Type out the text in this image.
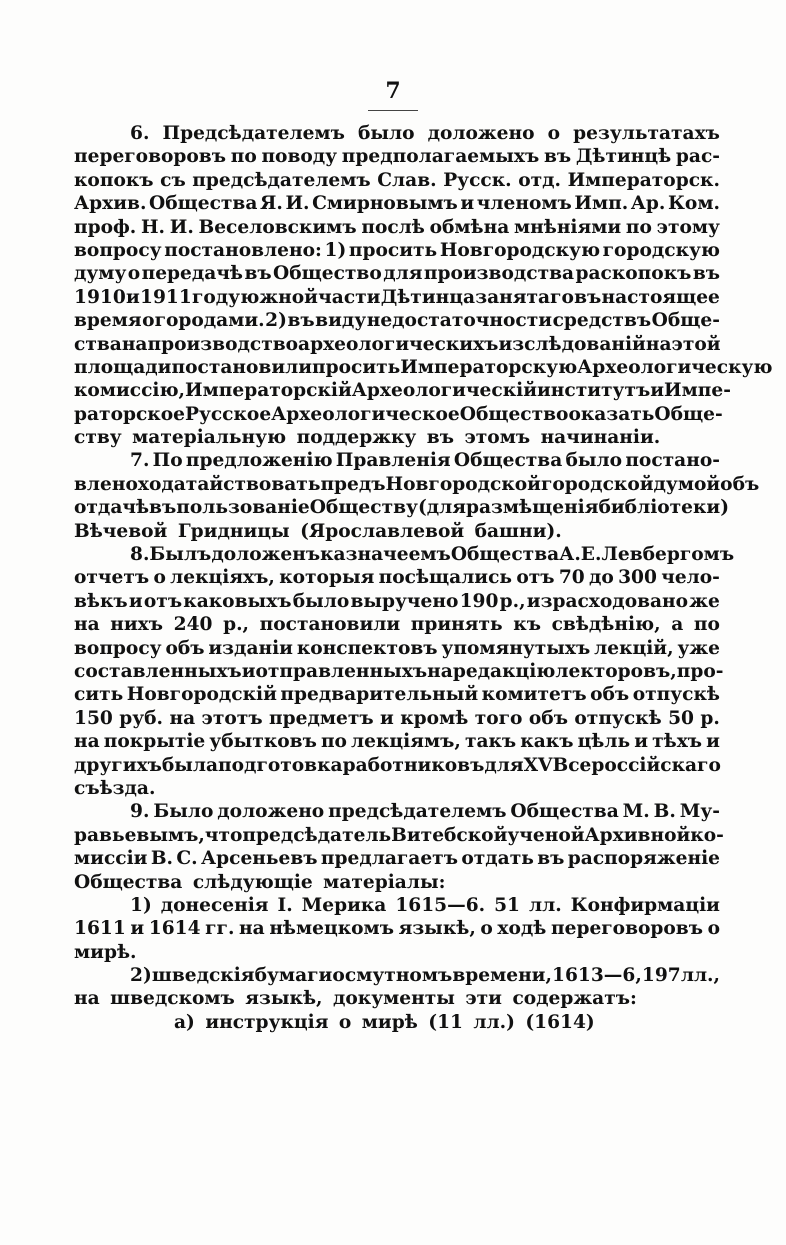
7
6. Предсѣдателемъ было доложено о результатахъ
переговоровъ по поводу предполагаемыхъ въ Дѣтинцѣ рас-
копокъ съ предсѣдателемъ Слав. Русск. отд. Императорск.
Архив. Общества Я. И. Смирновымъ и членомъ Имп. Ар. Ком.
проф. Н. И. Веселовскимъ послѣ обмѣна мнѣніями по этому
вопросу постановлено: 1) просить Новгородскую городскую
думу о передачѣ въ Общество для производства раскопокъ въ
1910 и 1911 году южной части Дѣтинца занятаго въ настоящее
время огородами. 2) въ виду недостаточности средствъ Обще-
ства на производство археологическихъ изслѣдованій на этой
площади постановили просить Императорскую Археологическую
комиссію, Императорскій Археологическій институтъ и Импе-
раторское Русское Археологическое Общество оказать Обще-
ству матеріальную поддержку въ этомъ начинаніи.
7. По предложенію Правленія Общества было постано-
влено ходатайствовать предъ Новгородской городской думой объ
отдачѣ въ пользованіе Обществу (для размѣщенія библіотеки)
Вѣчевой Гридницы (Ярославлевой башни).
8. Былъ доложенъ казначеемъ Общества А. Е. Левбергомъ
отчетъ о лекціяхъ, которыя посѣщались отъ 70 до 300 чело-
вѣкъ и отъ каковыхъ было выручено 190 р., израсходовано же
на нихъ 240 р., постановили принять къ свѣдѣнію, а по
вопросу объ изданіи конспектовъ упомянутыхъ лекцій, уже
составленныхъ и отправленныхъ на редакцію лекторовъ, про-
сить Новгородскій предварительный комитетъ объ отпускѣ
150 руб. на этотъ предметъ и кромѣ того объ отпускѣ 50 р.
на покрытіе убытковъ по лекціямъ, такъ какъ цѣль и тѣхъ и
другихъ была подготовка работниковъ для XV Всероссійскаго
съѣзда.
9. Было доложено предсѣдателемъ Общества М. В. Му-
равьевымъ, что предсѣдатель Витебской ученой Архивной ко-
миссіи В. С. Арсеньевъ предлагаетъ отдать въ распоряженіе
Общества слѣдующіе матеріалы:
1) донесенія I. Мерика 1615—6. 51 лл. Конфирмаціи
1611 и 1614 гг. на нѣмецкомъ языкѣ, о ходѣ переговоровъ о
мирѣ.
2) шведскія бумаги о смутномъ времени, 1613—6, 197 лл.,
на шведскомъ языкѣ, документы эти содержатъ:
а) инструкція о мирѣ (11 лл.) (1614)
